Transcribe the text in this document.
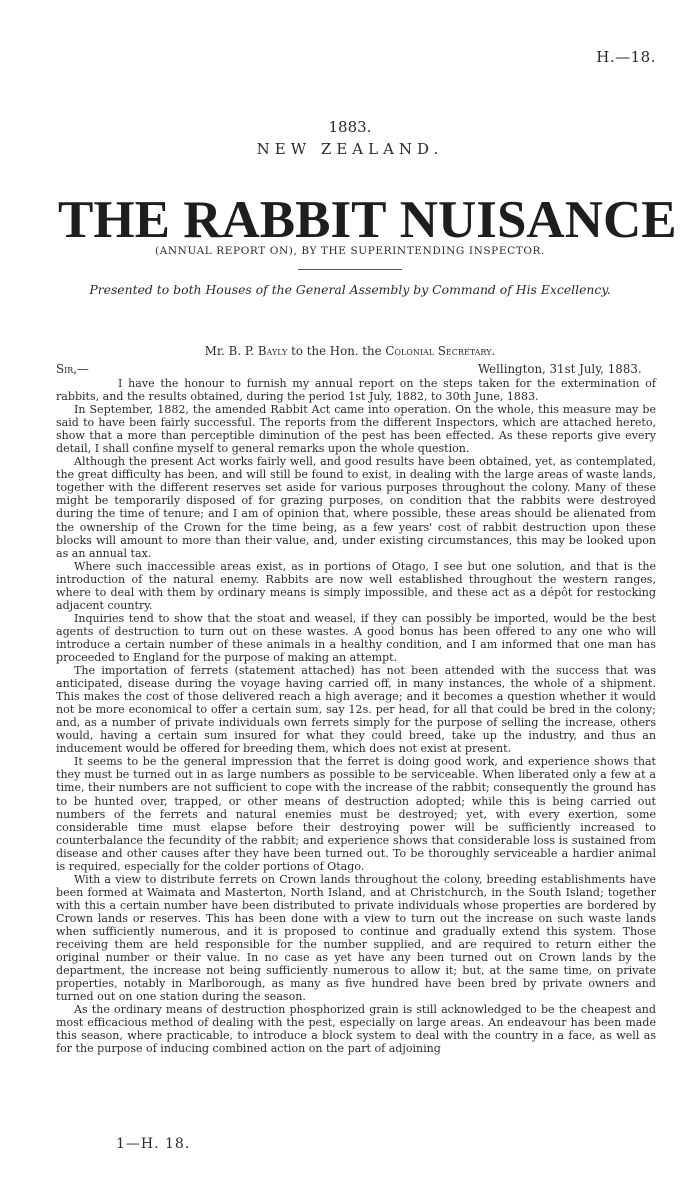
H.—18.
1883.
NEW ZEALAND.
T H E
R A B B I T
N U I S A N C E
(ANNUAL REPORT ON), BY THE SUPERINTENDING INSPECTOR.
Presented to both Houses of the General Assembly by Command of His Excellency.
Mr. B. P. Bayly to the Hon. the Colonial Secretary.
Sir,—	Wellington, 31st July, 1883.

I have the honour to furnish my annual report on the steps taken for the extermination of rabbits, and the results obtained, during the period 1st July, 1882, to 30th June, 1883.

In September, 1882, the amended Rabbit Act came into operation. On the whole, this measure may be said to have been fairly successful. The reports from the different Inspectors, which are attached hereto, show that a more than perceptible diminution of the pest has been effected. As these reports give every detail, I shall confine myself to general remarks upon the whole question.

Although the present Act works fairly well, and good results have been obtained, yet, as contemplated, the great difficulty has been, and will still be found to exist, in dealing with the large areas of waste lands, together with the different reserves set aside for various purposes throughout the colony. Many of these might be temporarily disposed of for grazing purposes, on condition that the rabbits were destroyed during the time of tenure; and I am of opinion that, where possible, these areas should be alienated from the ownership of the Crown for the time being, as a few years' cost of rabbit destruction upon these blocks will amount to more than their value, and, under existing circumstances, this may be looked upon as an annual tax.

Where such inaccessible areas exist, as in portions of Otago, I see but one solution, and that is the introduction of the natural enemy. Rabbits are now well established throughout the western ranges, where to deal with them by ordinary means is simply impossible, and these act as a dépôt for restocking adjacent country.

Inquiries tend to show that the stoat and weasel, if they can possibly be imported, would be the best agents of destruction to turn out on these wastes. A good bonus has been offered to any one who will introduce a certain number of these animals in a healthy condition, and I am informed that one man has proceeded to England for the purpose of making an attempt.

The importation of ferrets (statement attached) has not been attended with the success that was anticipated, disease during the voyage having carried off, in many instances, the whole of a shipment. This makes the cost of those delivered reach a high average; and it becomes a question whether it would not be more economical to offer a certain sum, say 12s. per head, for all that could be bred in the colony; and, as a number of private individuals own ferrets simply for the purpose of selling the increase, others would, having a certain sum insured for what they could breed, take up the industry, and thus an inducement would be offered for breeding them, which does not exist at present.

It seems to be the general impression that the ferret is doing good work, and experience shows that they must be turned out in as large numbers as possible to be serviceable. When liberated only a few at a time, their numbers are not sufficient to cope with the increase of the rabbit; consequently the ground has to be hunted over, trapped, or other means of destruction adopted; while this is being carried out numbers of the ferrets and natural enemies must be destroyed; yet, with every exertion, some considerable time must elapse before their destroying power will be sufficiently increased to counterbalance the fecundity of the rabbit; and experience shows that considerable loss is sustained from disease and other causes after they have been turned out. To be thoroughly serviceable a hardier animal is required, especially for the colder portions of Otago.

With a view to distribute ferrets on Crown lands throughout the colony, breeding establishments have been formed at Waimata and Masterton, North Island, and at Christchurch, in the South Island; together with this a certain number have been distributed to private individuals whose properties are bordered by Crown lands or reserves. This has been done with a view to turn out the increase on such waste lands when sufficiently numerous, and it is proposed to continue and gradually extend this system. Those receiving them are held responsible for the number supplied, and are required to return either the original number or their value. In no case as yet have any been turned out on Crown lands by the department, the increase not being sufficiently numerous to allow it; but, at the same time, on private properties, notably in Marlborough, as many as five hundred have been bred by private owners and turned out on one station during the season.

As the ordinary means of destruction phosphorized grain is still acknowledged to be the cheapest and most efficacious method of dealing with the pest, especially on large areas. An endeavour has been made this season, where practicable, to introduce a block system to deal with the country in a face, as well as for the purpose of inducing combined action on the part of adjoining

1—H. 18.
